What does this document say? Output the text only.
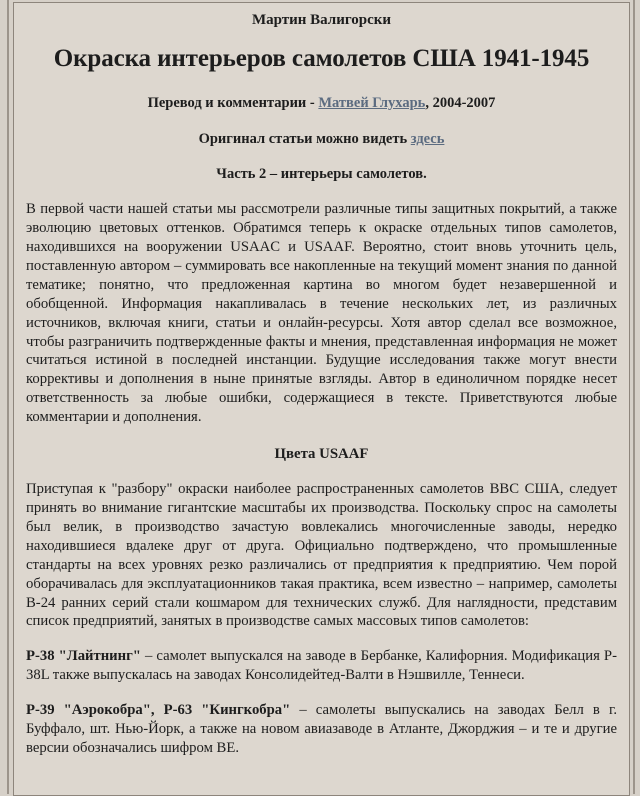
Мартин Валигорски
Окраска интерьеров самолетов США 1941-1945
Перевод и комментарии - Матвей Глухарь, 2004-2007
Оригинал статьи можно видеть здесь
Часть 2 – интерьеры самолетов.

В первой части нашей статьи мы рассмотрели различные типы защитных покрытий, а также эволюцию цветовых оттенков. Обратимся теперь к окраске отдельных типов самолетов, находившихся на вооружении USAAC и USAAF. Вероятно, стоит вновь уточнить цель, поставленную автором – суммировать все накопленные на текущий момент знания по данной тематике; понятно, что предложенная картина во многом будет незавершенной и обобщенной. Информация накапливалась в течение нескольких лет, из различных источников, включая книги, статьи и онлайн-ресурсы. Хотя автор сделал все возможное, чтобы разграничить подтвержденные факты и мнения, представленная информация не может считаться истиной в последней инстанции. Будущие исследования также могут внести коррективы и дополнения в ныне принятые взгляды. Автор в единоличном порядке несет ответственность за любые ошибки, содержащиеся в тексте. Приветствуются любые комментарии и дополнения.

Цвета USAAF

Приступая к "разбору" окраски наиболее распространенных самолетов ВВС США, следует принять во внимание гигантские масштабы их производства. Поскольку спрос на самолеты был велик, в производство зачастую вовлекались многочисленные заводы, нередко находившиеся вдалеке друг от друга. Официально подтверждено, что промышленные стандарты на всех уровнях резко различались от предприятия к предприятию. Чем порой оборачивалась для эксплуатационников такая практика, всем известно – например, самолеты B-24 ранних серий стали кошмаром для технических служб. Для наглядности, представим список предприятий, занятых в производстве самых массовых типов самолетов:

P-38 "Лайтнинг" – самолет выпускался на заводе в Бербанке, Калифорния. Модификация P-38L также выпускалась на заводах Консолидейтед-Валти в Нэшвилле, Теннеси.

P-39 "Аэрокобра", P-63 "Кингкобра" – самолеты выпускались на заводах Белл в г. Буффало, шт. Нью-Йорк, а также на новом авиазаводе в Атланте, Джорджия – и те и другие версии обозначались шифром BE.
